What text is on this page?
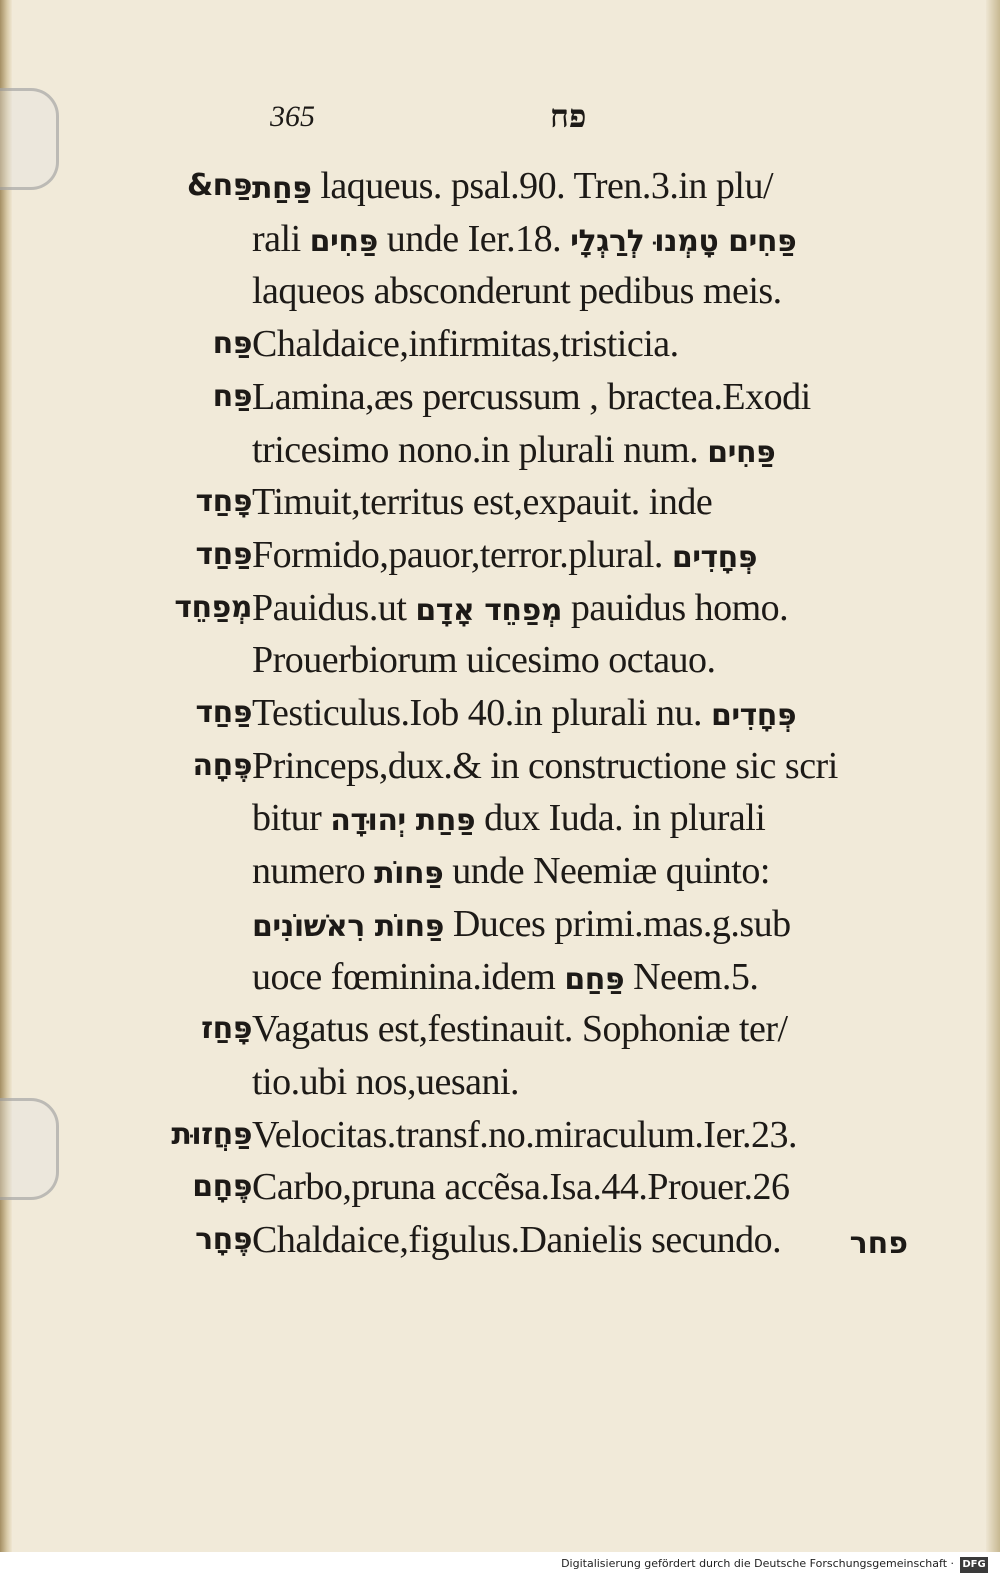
365	פח
פַּח& פַּחַת laqueus. psal.90. Tren.3.in plu/
rali פַּחִים unde Ier.18. פַּחִים טָמְנוּ לְרַגְלָי
laqueos absconderunt pedibus meis.
פַּח Chaldaice,infirmitas,tristicia.
פַּח Lamina,æs percussum , bractea.Exodi
tricesimo nono.in plurali num. פַּחִים
פָּחַד Timuit,territus est,expauit. inde
פַּחַד Formido,pauor,terror.plural. פְּחָדִים
מְפַחֵד Pauidus.ut מְפַחֵד אָדָם pauidus homo.
Prouerbiorum uicesimo octauo.
פַּחַד Testiculus.Iob 40.in plurali nu. פְּחָדִים
פֶּחָה Princeps,dux.& in constructione sic scri
bitur פַּחַת יְהוּדָה dux Iuda. in plurali
numero פַּחוֹת unde Neemiæ quinto:
פַּחוֹת רִאשׁוֹנִים Duces primi.mas.g.sub
uoce fœminina.idem פַּחַם Neem.5.
פָּחַז Vagatus est,festinauit. Sophoniæ ter/
tio.ubi nos,uesani.
פַּחֲזוּת Velocitas.transf.no.miraculum.Ier.23.
פֶּחָם Carbo,pruna accẽsa.Isa.44.Prouer.26
פֶּחָר Chaldaice,figulus.Danielis secundo. פחר
Digitalisierung gefördert durch die Deutsche Forschungsgemeinschaft · DFG
